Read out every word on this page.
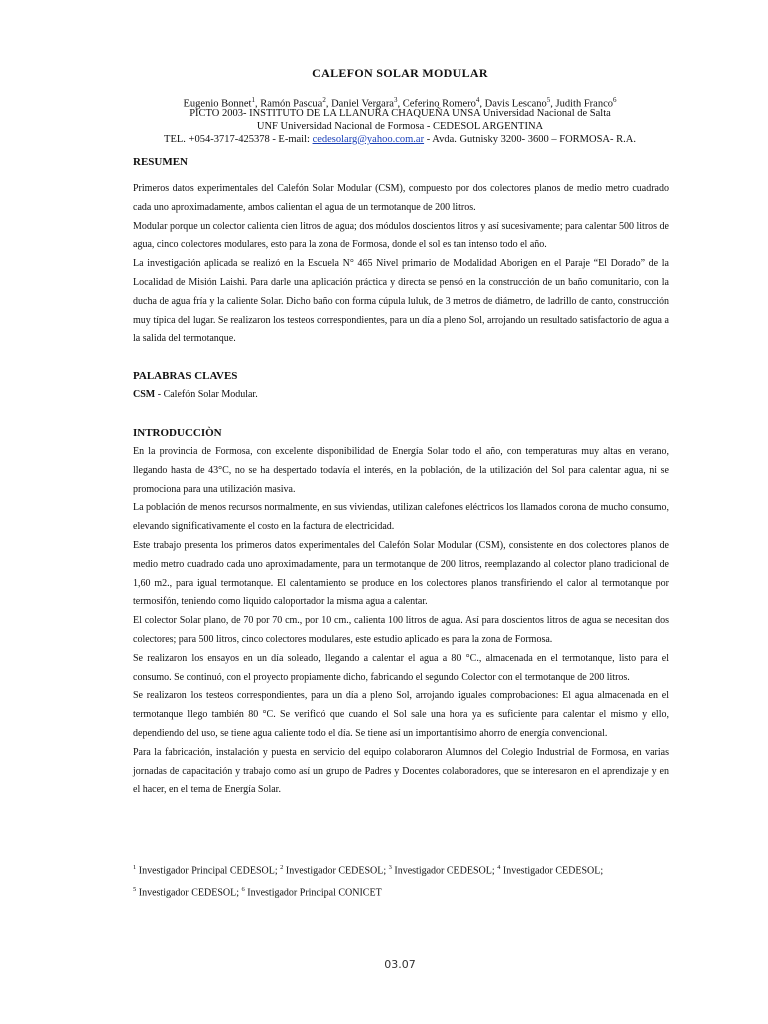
CALEFON SOLAR MODULAR
Eugenio Bonnet$^1$, Ramón Pascua$^2$, Daniel Vergara$^3$, Ceferino Romero$^4$, Davis Lescano$^5$, Judith Franco$^6$
PICTO 2003- INSTITUTO DE LA LLANURA CHAQUEÑA UNSA Universidad Nacional de Salta
UNF Universidad Nacional de Formosa - CEDESOL ARGENTINA
TEL. +054-3717-425378 - E-mail: cedesolarg@yahoo.com.ar - Avda. Gutnisky 3200- 3600 – FORMOSA- R.A.
RESUMEN

Primeros datos experimentales del Calefón Solar Modular (CSM), compuesto por dos colectores planos de medio metro cuadrado cada uno aproximadamente, ambos calientan el agua de un termotanque de 200 litros.

Modular porque un colector calienta cien litros de agua; dos módulos doscientos litros y así sucesivamente; para calentar 500 litros de agua, cinco colectores modulares, esto para la zona de Formosa, donde el sol es tan intenso todo el año.

La investigación aplicada se realizó en la Escuela N° 465 Nivel primario de Modalidad Aborigen en el Paraje “El Dorado” de la Localidad de Misión Laishi. Para darle una aplicación práctica y directa se pensó en la construcción de un baño comunitario, con la ducha de agua fría y la caliente Solar. Dicho baño con forma cúpula luluk, de 3 metros de diámetro, de ladrillo de canto, construcción muy típica del lugar. Se realizaron los testeos correspondientes, para un día a pleno Sol, arrojando un resultado satisfactorio de agua a la salida del termotanque.

PALABRAS CLAVES
CSM - Calefón Solar Modular.
INTRODUCCIÒN

En la provincia de Formosa, con excelente disponibilidad de Energía Solar todo el año, con temperaturas muy altas en verano, llegando hasta de 43°C, no se ha despertado todavía el interés, en la población, de la utilización del Sol para calentar agua, ni se promociona para una utilización masiva.

La población de menos recursos normalmente, en sus viviendas, utilizan calefones eléctricos los llamados corona de mucho consumo, elevando significativamente el costo en la factura de electricidad.

Este trabajo presenta los primeros datos experimentales del Calefón Solar Modular (CSM), consistente en dos colectores planos de medio metro cuadrado cada uno aproximadamente, para un termotanque de 200 litros, reemplazando al colector plano tradicional de 1,60 m2., para igual termotanque. El calentamiento se produce en los colectores planos transfiriendo el calor al termotanque por termosifón, teniendo como liquido caloportador la misma agua a calentar.

El colector Solar plano, de 70 por 70 cm., por 10 cm., calienta 100 litros de agua. Así para doscientos litros de agua se necesitan dos colectores; para 500 litros, cinco colectores modulares, este estudio aplicado es para la zona de Formosa.

Se realizaron los ensayos en un día soleado, llegando a calentar el agua a 80 °C., almacenada en el termotanque, listo para el consumo. Se continuó, con el proyecto propiamente dicho, fabricando el segundo Colector con el termotanque de 200 litros.

Se realizaron los testeos correspondientes, para un día a pleno Sol, arrojando iguales comprobaciones: El agua almacenada en el termotanque llego también 80 °C. Se verificó que cuando el Sol sale una hora ya es suficiente para calentar el mismo y ello, dependiendo del uso, se tiene agua caliente todo el día. Se tiene así un importantísimo ahorro de energía convencional.

Para la fabricación, instalación y puesta en servicio del equipo colaboraron Alumnos del Colegio Industrial de Formosa, en varias jornadas de capacitación y trabajo como así un grupo de Padres y Docentes colaboradores, que se interesaron en el aprendizaje y en el hacer, en el tema de Energía Solar.

$^1$ Investigador Principal CEDESOL; $^2$ Investigador CEDESOL; $^3$ Investigador CEDESOL; $^4$ Investigador CEDESOL;
$^5$ Investigador CEDESOL; $^6$ Investigador Principal CONICET
03.07
